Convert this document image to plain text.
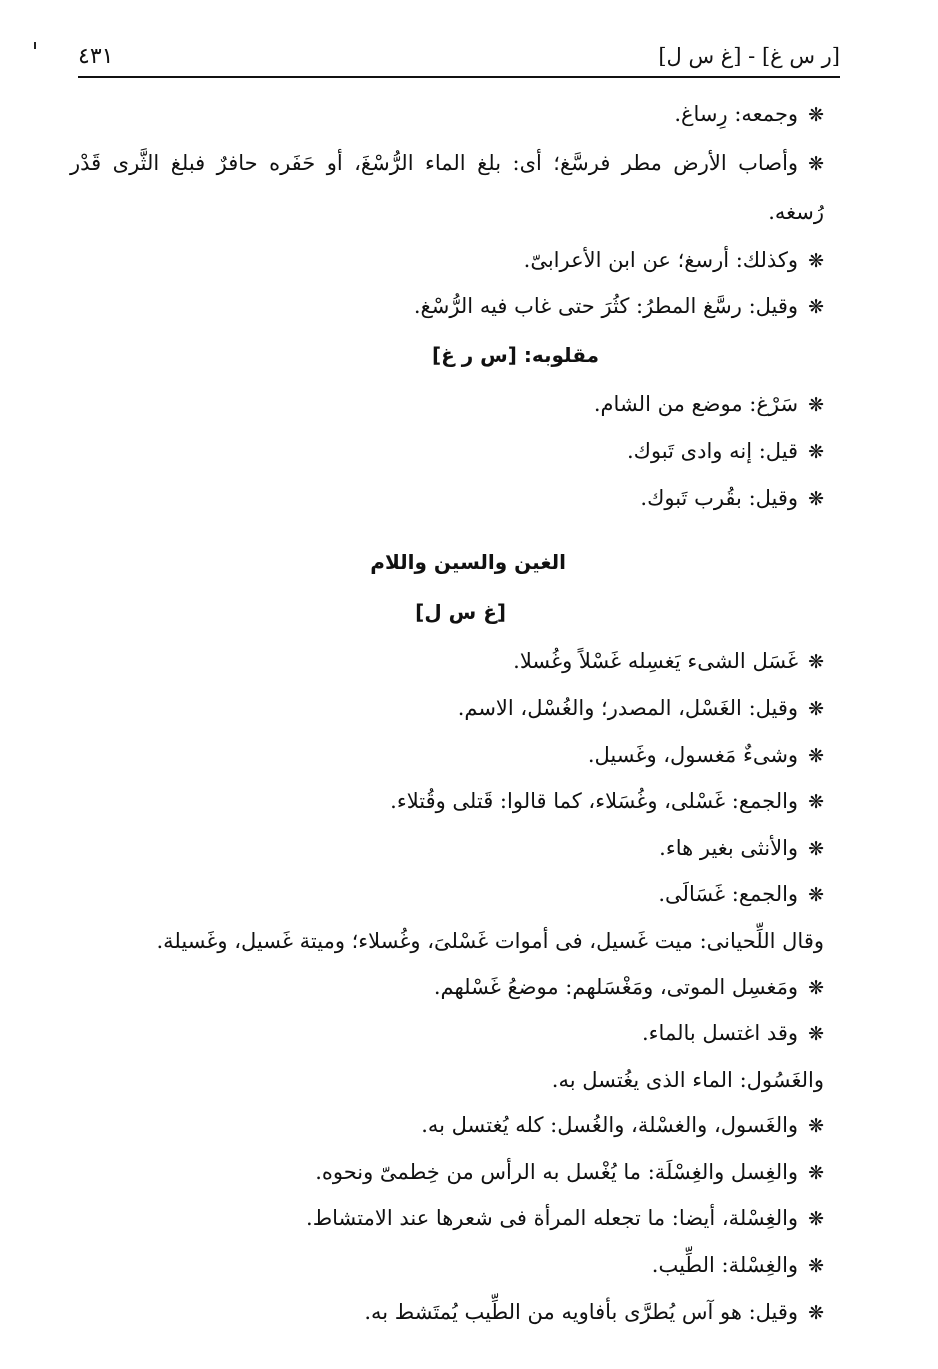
٤٣١	[ر س غ] - [غ س ل]
❋وجمعه: رِساغ.
❋وأصاب الأرض مطر فرسَّغ؛ أى: بلغ الماء الرُّسْغَ، أو حَفَره حافرٌ فبلغ الثَّرى قَدْر رُسغه.
❋وكذلك: أرسغ؛ عن ابن الأعرابىّ.
❋وقيل: رسَّغ المطرُ: كثُرَ حتى غاب فيه الرُّسْغ.
مقلوبه: [س ر غ]
❋سَرْغ: موضع من الشام.
❋قيل: إنه وادى تَبوك.
❋وقيل: بقُرب تَبوك.
الغين والسين واللام
[غ س ل]
❋غَسَل الشىء يَغسِله غَسْلاً وغُسلا.
❋وقيل: الغَسْل، المصدر؛ والغُسْل، الاسم.
❋وشىءٌ مَغسول، وغَسيل.
❋والجمع: غَسْلى، وغُسَلاء، كما قالوا: قَتلى وقُتلاء.
❋والأنثى بغير هاء.
❋والجمع: غَسَالَى.
وقال اللِّحيانى: ميت غَسيل، فى أموات غَسْلىَ، وغُسلاء؛ وميتة غَسيل، وغَسيلة.
❋ومَغسِل الموتى، ومَغْسَلهم: موضعُ غَسْلهم.
❋وقد اغتسل بالماء.
والغَسُول: الماء الذى يغُتسل به.
❋والغَسول، والغسْلة، والغُسل: كله يُغتسل به.
❋والغِسل والغِسْلَة: ما يُغْسل به الرأس من خِطمىّ ونحوه.
❋والغِسْلة، أيضا: ما تجعله المرأة فى شعرها عند الامتشاط.
❋والغِسْلة: الطِّيب.
❋وقيل: هو آس يُطرَّى بأفاويه من الطِّيب يُمتَشط به.
